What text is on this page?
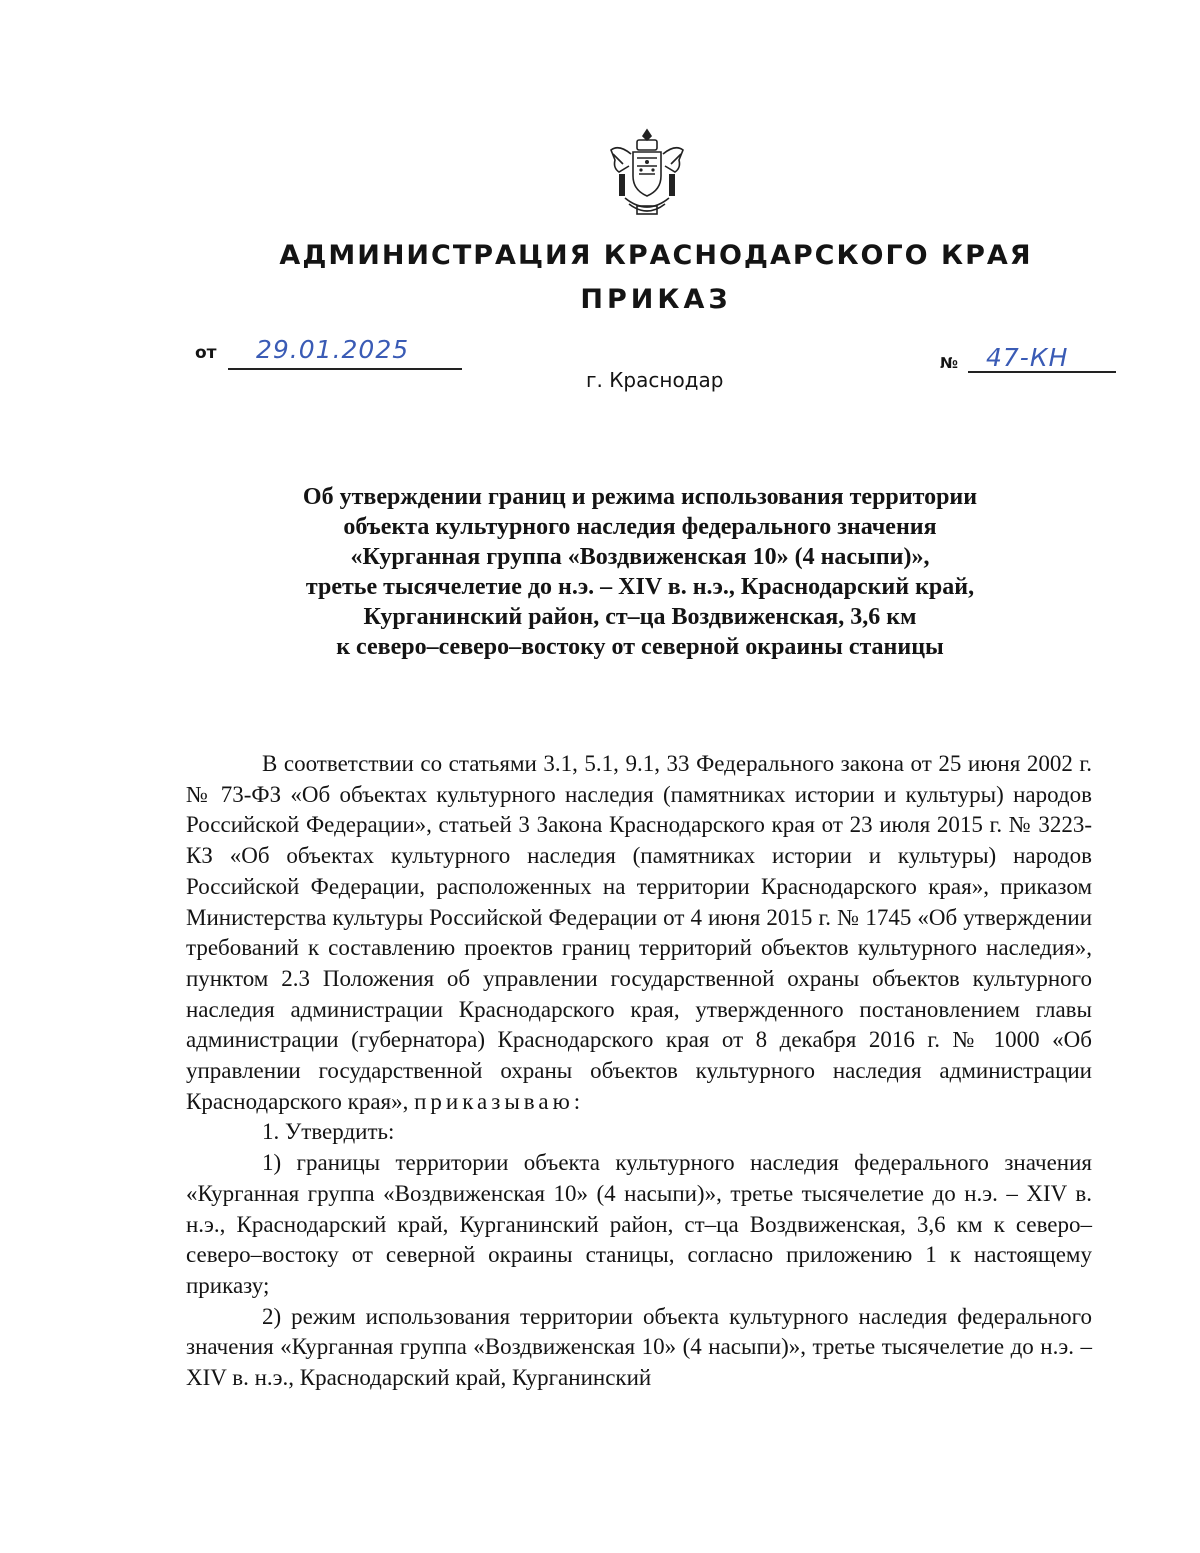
АДМИНИСТРАЦИЯ КРАСНОДАРСКОГО КРАЯ
ПРИКАЗ
от 29.01.2025
г. Краснодар
№ 47-КН
Об утверждении границ и режима использования территории
объекта культурного наследия федерального значения
«Курганная группа «Воздвиженская 10» (4 насыпи)»,
третье тысячелетие до н.э. – XIV в. н.э., Краснодарский край,
Курганинский район, ст–ца Воздвиженская, 3,6 км
к северо–северо–востоку от северной окраины станицы

В соответствии со статьями 3.1, 5.1, 9.1, 33 Федерального закона от 25 июня 2002 г. № 73-ФЗ «Об объектах культурного наследия (памятниках истории и культуры) народов Российской Федерации», статьей 3 Закона Краснодарского края от 23 июля 2015 г. № 3223-КЗ «Об объектах культурного наследия (памятниках истории и культуры) народов Российской Федерации, расположенных на территории Краснодарского края», приказом Министерства культуры Российской Федерации от 4 июня 2015 г. № 1745 «Об утверждении требований к составлению проектов границ территорий объектов культурного наследия», пунктом 2.3 Положения об управлении государственной охраны объектов культурного наследия администрации Краснодарского края, утвержденного постановлением главы администрации (губернатора) Краснодарского края от 8 декабря 2016 г. № 1000 «Об управлении государственной охраны объектов культурного наследия администрации Краснодарского края», приказываю:

1. Утвердить:

1) границы территории объекта культурного наследия федерального значения «Курганная группа «Воздвиженская 10» (4 насыпи)», третье тысячелетие до н.э. – XIV в. н.э., Краснодарский край, Курганинский район, ст–ца Воздвиженская, 3,6 км к северо–северо–востоку от северной окраины станицы, согласно приложению 1 к настоящему приказу;

2) режим использования территории объекта культурного наследия федерального значения «Курганная группа «Воздвиженская 10» (4 насыпи)», третье тысячелетие до н.э. – XIV в. н.э., Краснодарский край, Курганинский
